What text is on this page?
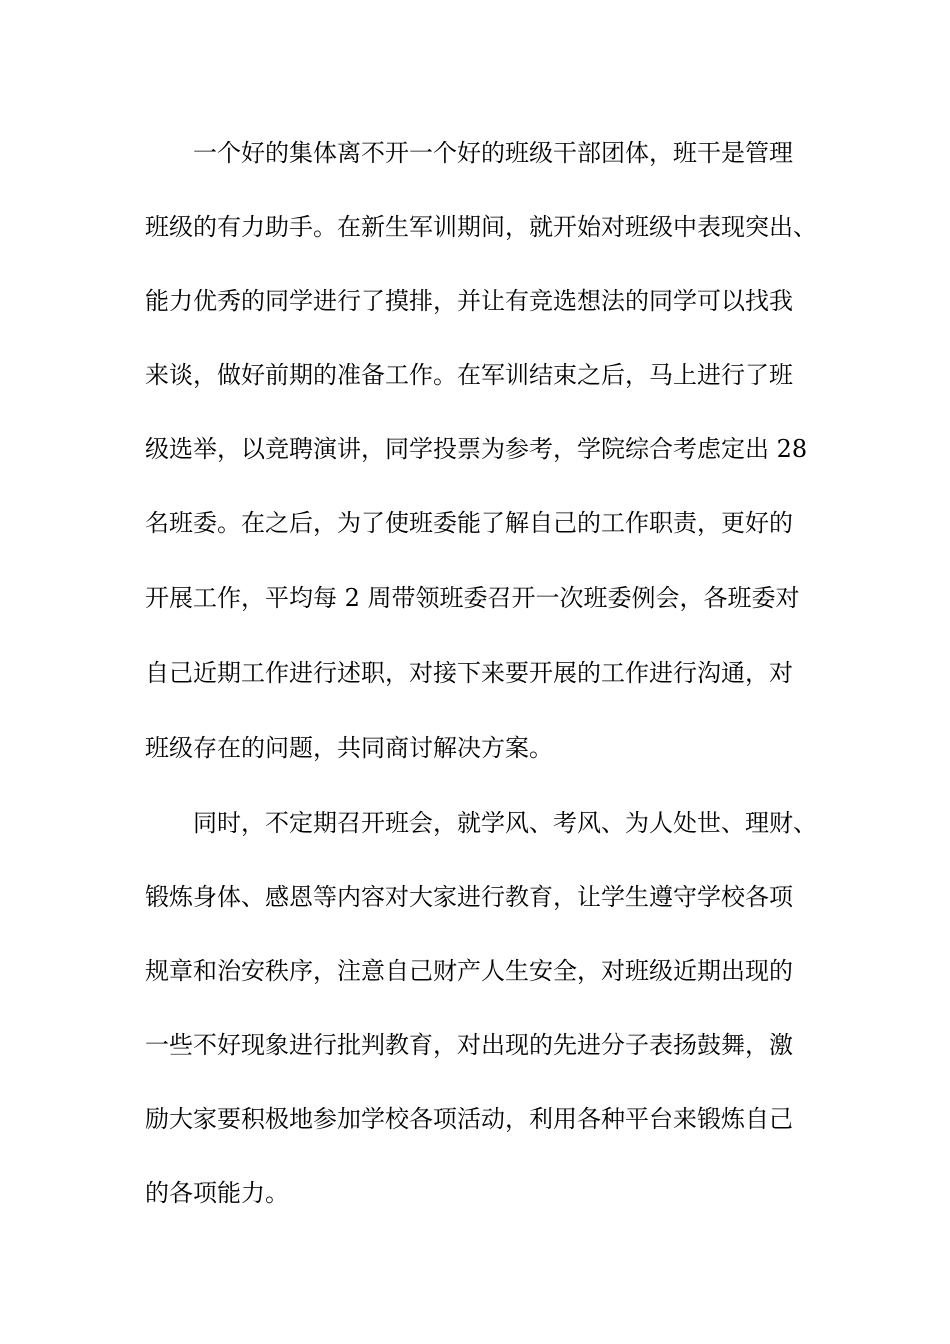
一个好的集体离不开一个好的班级干部团体，班干是管理
班级的有力助手。在新生军训期间，就开始对班级中表现突出、
能力优秀的同学进行了摸排，并让有竞选想法的同学可以找我
来谈，做好前期的准备工作。在军训结束之后，马上进行了班
级选举，以竞聘演讲，同学投票为参考，学院综合考虑定出 28
名班委。在之后，为了使班委能了解自己的工作职责，更好的
开展工作，平均每 2 周带领班委召开一次班委例会，各班委对
自己近期工作进行述职，对接下来要开展的工作进行沟通，对
班级存在的问题，共同商讨解决方案。
同时，不定期召开班会，就学风、考风、为人处世、理财、
锻炼身体、感恩等内容对大家进行教育，让学生遵守学校各项
规章和治安秩序，注意自己财产人生安全，对班级近期出现的
一些不好现象进行批判教育，对出现的先进分子表扬鼓舞，激
励大家要积极地参加学校各项活动，利用各种平台来锻炼自己
的各项能力。
